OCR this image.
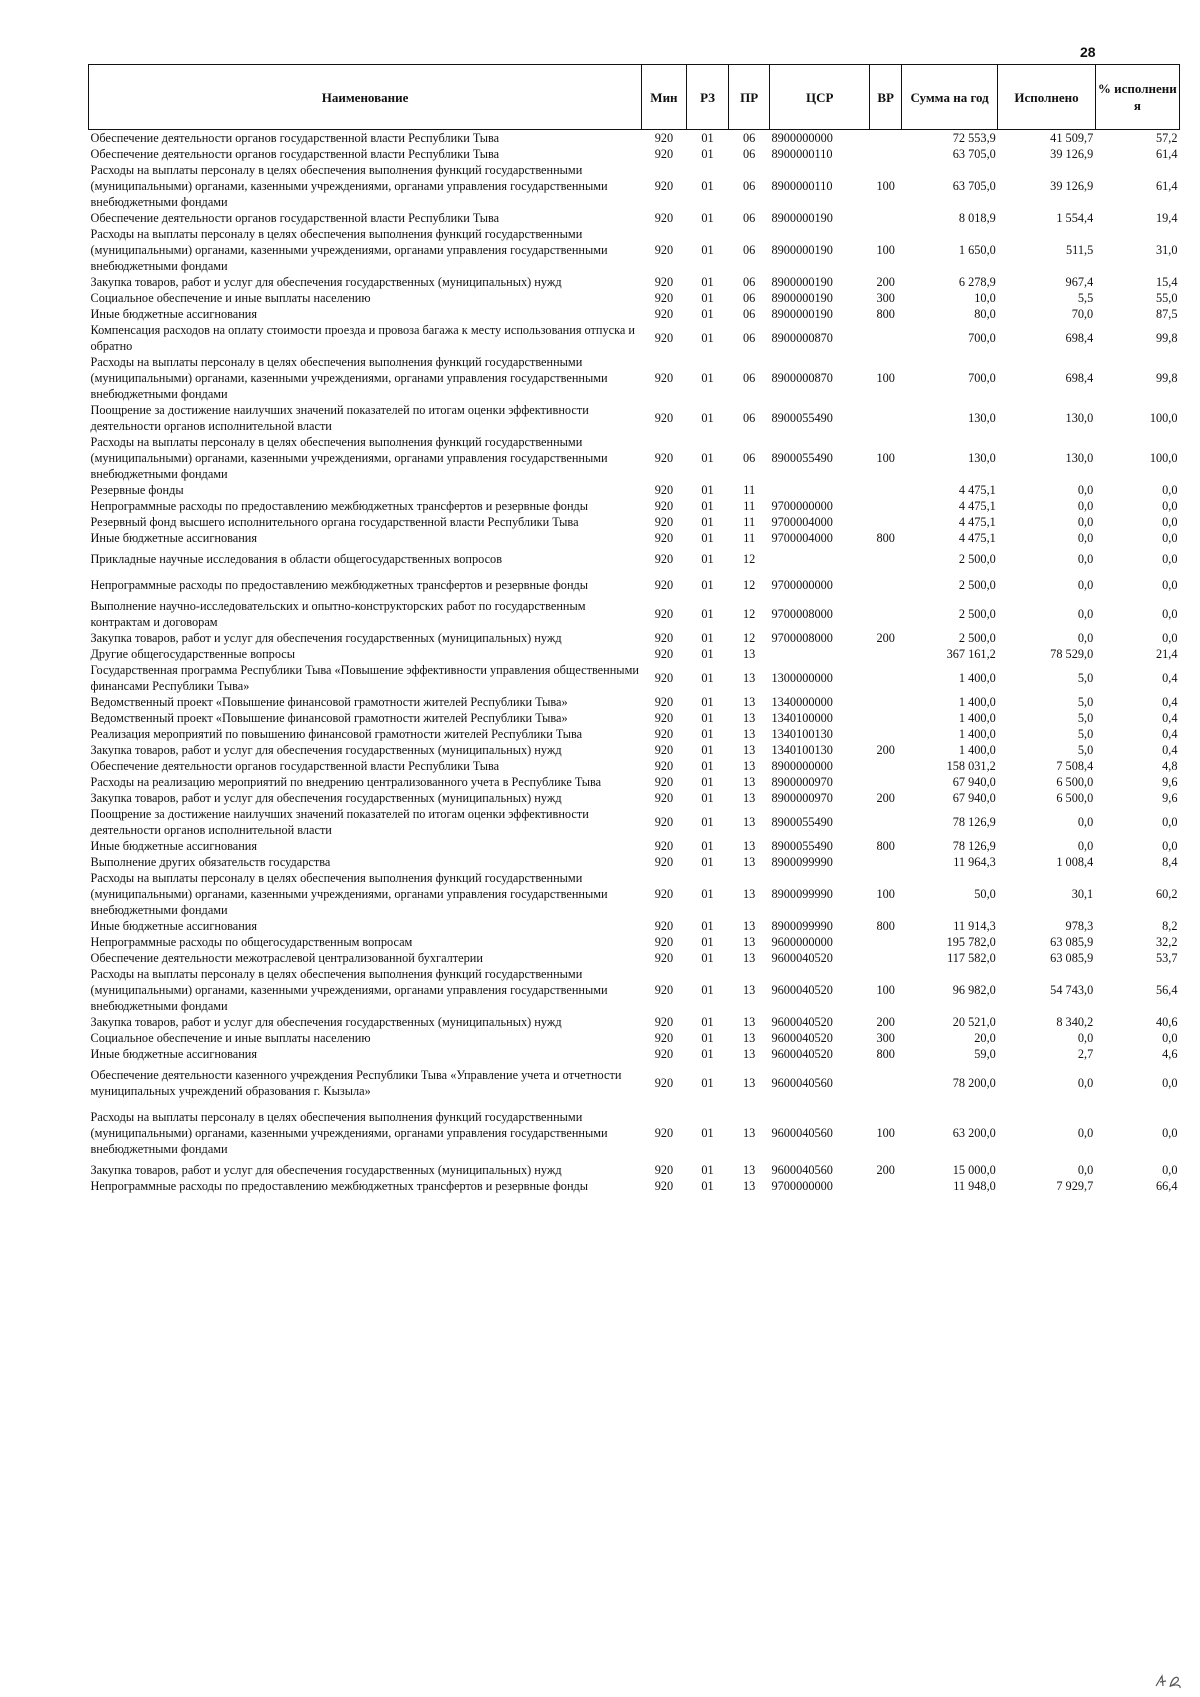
28
Наименование	Мин	РЗ	ПР	ЦСР	ВР	Сумма на год	Исполнено	% исполнени я
Обеспечение деятельности органов государственной власти Республики Тыва	920	01	06	8900000000		72 553,9	41 509,7	57,2
Обеспечение деятельности органов государственной власти Республики Тыва	920	01	06	8900000110		63 705,0	39 126,9	61,4
Расходы на выплаты персоналу в целях обеспечения выполнения функций государственными (муниципальными) органами, казенными учреждениями, органами управления государственными внебюджетными фондами	920	01	06	8900000110	100	63 705,0	39 126,9	61,4
Обеспечение деятельности органов государственной власти Республики Тыва	920	01	06	8900000190		8 018,9	1 554,4	19,4
Расходы на выплаты персоналу в целях обеспечения выполнения функций государственными (муниципальными) органами, казенными учреждениями, органами управления государственными внебюджетными фондами	920	01	06	8900000190	100	1 650,0	511,5	31,0
Закупка товаров, работ и услуг для обеспечения государственных (муниципальных) нужд	920	01	06	8900000190	200	6 278,9	967,4	15,4
Социальное обеспечение и иные выплаты населению	920	01	06	8900000190	300	10,0	5,5	55,0
Иные бюджетные ассигнования	920	01	06	8900000190	800	80,0	70,0	87,5
Компенсация расходов на оплату стоимости проезда и провоза багажа к месту использования отпуска и обратно	920	01	06	8900000870		700,0	698,4	99,8
Расходы на выплаты персоналу в целях обеспечения выполнения функций государственными (муниципальными) органами, казенными учреждениями, органами управления государственными внебюджетными фондами	920	01	06	8900000870	100	700,0	698,4	99,8
Поощрение за достижение наилучших значений показателей по итогам оценки эффективности деятельности органов исполнительной власти	920	01	06	8900055490		130,0	130,0	100,0
Расходы на выплаты персоналу в целях обеспечения выполнения функций государственными (муниципальными) органами, казенными учреждениями, органами управления государственными внебюджетными фондами	920	01	06	8900055490	100	130,0	130,0	100,0
Резервные фонды	920	01	11			4 475,1	0,0	0,0
Непрограммные расходы по предоставлению межбюджетных трансфертов и резервные фонды	920	01	11	9700000000		4 475,1	0,0	0,0
Резервный фонд высшего исполнительного органа государственной власти Республики Тыва	920	01	11	9700004000		4 475,1	0,0	0,0
Иные бюджетные ассигнования	920	01	11	9700004000	800	4 475,1	0,0	0,0
Прикладные научные исследования в области общегосударственных вопросов	920	01	12			2 500,0	0,0	0,0
Непрограммные расходы по предоставлению межбюджетных трансфертов и резервные фонды	920	01	12	9700000000		2 500,0	0,0	0,0
Выполнение научно-исследовательских и опытно-конструкторских работ по государственным контрактам и договорам	920	01	12	9700008000		2 500,0	0,0	0,0
Закупка товаров, работ и услуг для обеспечения государственных (муниципальных) нужд	920	01	12	9700008000	200	2 500,0	0,0	0,0
Другие общегосударственные вопросы	920	01	13			367 161,2	78 529,0	21,4
Государственная программа Республики Тыва «Повышение эффективности управления общественными финансами Республики Тыва»	920	01	13	1300000000		1 400,0	5,0	0,4
Ведомственный проект «Повышение финансовой грамотности жителей Республики Тыва»	920	01	13	1340000000		1 400,0	5,0	0,4
Ведомственный проект «Повышение финансовой грамотности жителей Республики Тыва»	920	01	13	1340100000		1 400,0	5,0	0,4
Реализация мероприятий по повышению финансовой грамотности жителей Республики Тыва	920	01	13	1340100130		1 400,0	5,0	0,4
Закупка товаров, работ и услуг для обеспечения государственных (муниципальных) нужд	920	01	13	1340100130	200	1 400,0	5,0	0,4
Обеспечение деятельности органов государственной власти Республики Тыва	920	01	13	8900000000		158 031,2	7 508,4	4,8
Расходы на реализацию мероприятий по внедрению централизованного учета в Республике Тыва	920	01	13	8900000970		67 940,0	6 500,0	9,6
Закупка товаров, работ и услуг для обеспечения государственных (муниципальных) нужд	920	01	13	8900000970	200	67 940,0	6 500,0	9,6
Поощрение за достижение наилучших значений показателей по итогам оценки эффективности деятельности органов исполнительной власти	920	01	13	8900055490		78 126,9	0,0	0,0
Иные бюджетные ассигнования	920	01	13	8900055490	800	78 126,9	0,0	0,0
Выполнение других обязательств государства	920	01	13	8900099990		11 964,3	1 008,4	8,4
Расходы на выплаты персоналу в целях обеспечения выполнения функций государственными (муниципальными) органами, казенными учреждениями, органами управления государственными внебюджетными фондами	920	01	13	8900099990	100	50,0	30,1	60,2
Иные бюджетные ассигнования	920	01	13	8900099990	800	11 914,3	978,3	8,2
Непрограммные расходы по общегосударственным вопросам	920	01	13	9600000000		195 782,0	63 085,9	32,2
Обеспечение деятельности межотраслевой централизованной бухгалтерии	920	01	13	9600040520		117 582,0	63 085,9	53,7
Расходы на выплаты персоналу в целях обеспечения выполнения функций государственными (муниципальными) органами, казенными учреждениями, органами управления государственными внебюджетными фондами	920	01	13	9600040520	100	96 982,0	54 743,0	56,4
Закупка товаров, работ и услуг для обеспечения государственных (муниципальных) нужд	920	01	13	9600040520	200	20 521,0	8 340,2	40,6
Социальное обеспечение и иные выплаты населению	920	01	13	9600040520	300	20,0	0,0	0,0
Иные бюджетные ассигнования	920	01	13	9600040520	800	59,0	2,7	4,6
Обеспечение деятельности казенного учреждения Республики Тыва «Управление учета и отчетности муниципальных учреждений образования г. Кызыла»	920	01	13	9600040560		78 200,0	0,0	0,0
Расходы на выплаты персоналу в целях обеспечения выполнения функций государственными (муниципальными) органами, казенными учреждениями, органами управления государственными внебюджетными фондами	920	01	13	9600040560	100	63 200,0	0,0	0,0
Закупка товаров, работ и услуг для обеспечения государственных (муниципальных) нужд	920	01	13	9600040560	200	15 000,0	0,0	0,0
Непрограммные расходы по предоставлению межбюджетных трансфертов и резервные фонды	920	01	13	9700000000		11 948,0	7 929,7	66,4
